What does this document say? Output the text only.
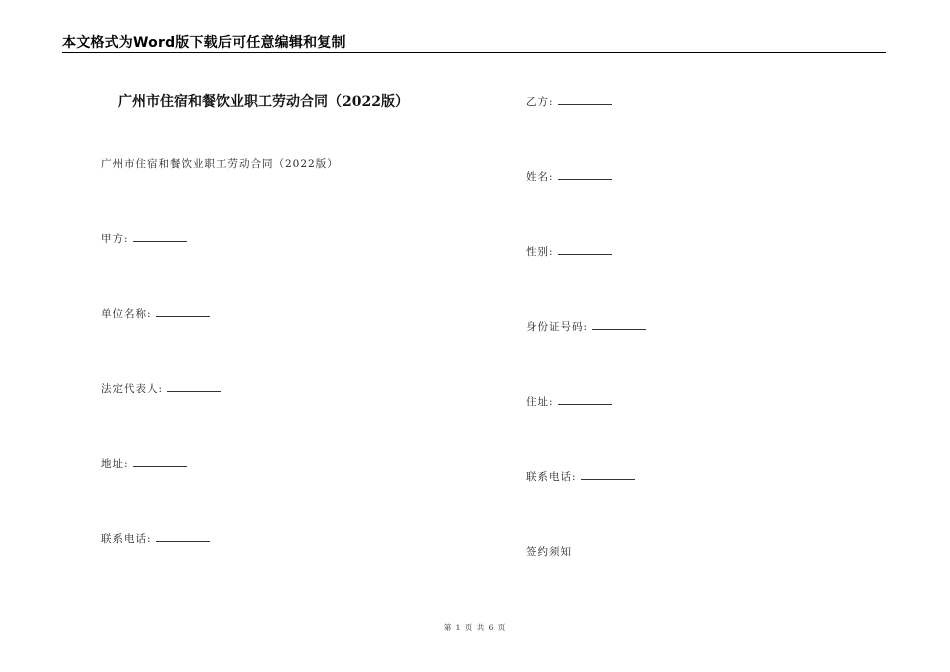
本文格式为Word版下载后可任意编辑和复制
广州市住宿和餐饮业职工劳动合同（2022版）
广州市住宿和餐饮业职工劳动合同（2022版）
甲方:
单位名称:
法定代表人:
地址:
联系电话:
乙方:
姓名:
性别:
身份证号码:
住址:
联系电话:
签约须知
第 1 页 共 6 页
